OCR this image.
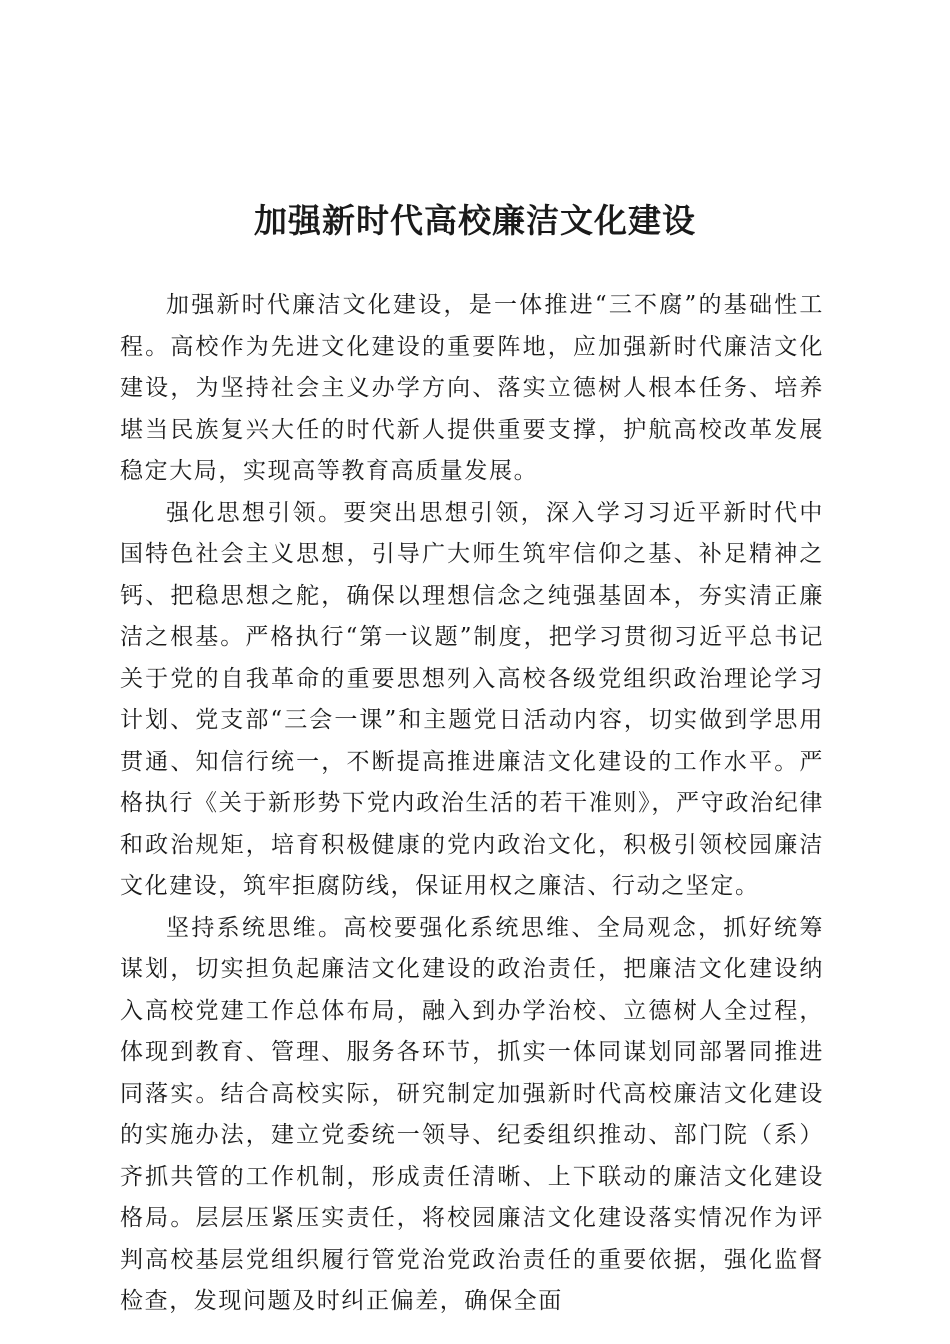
加强新时代高校廉洁文化建设

加强新时代廉洁文化建设，是一体推进“三不腐”的基础性工程。高校作为先进文化建设的重要阵地，应加强新时代廉洁文化建设，为坚持社会主义办学方向、落实立德树人根本任务、培养堪当民族复兴大任的时代新人提供重要支撑，护航高校改革发展稳定大局，实现高等教育高质量发展。

强化思想引领。要突出思想引领，深入学习习近平新时代中国特色社会主义思想，引导广大师生筑牢信仰之基、补足精神之钙、把稳思想之舵，确保以理想信念之纯强基固本，夯实清正廉洁之根基。严格执行“第一议题”制度，把学习贯彻习近平总书记关于党的自我革命的重要思想列入高校各级党组织政治理论学习计划、党支部“三会一课”和主题党日活动内容，切实做到学思用贯通、知信行统一，不断提高推进廉洁文化建设的工作水平。严格执行《关于新形势下党内政治生活的若干准则》，严守政治纪律和政治规矩，培育积极健康的党内政治文化，积极引领校园廉洁文化建设，筑牢拒腐防线，保证用权之廉洁、行动之坚定。

坚持系统思维。高校要强化系统思维、全局观念，抓好统筹谋划，切实担负起廉洁文化建设的政治责任，把廉洁文化建设纳入高校党建工作总体布局，融入到办学治校、立德树人全过程，体现到教育、管理、服务各环节，抓实一体同谋划同部署同推进同落实。结合高校实际，研究制定加强新时代高校廉洁文化建设的实施办法，建立党委统一领导、纪委组织推动、部门院（系）齐抓共管的工作机制，形成责任清晰、上下联动的廉洁文化建设格局。层层压紧压实责任，将校园廉洁文化建设落实情况作为评判高校基层党组织履行管党治党政治责任的重要依据，强化监督检查，发现问题及时纠正偏差，确保全面
